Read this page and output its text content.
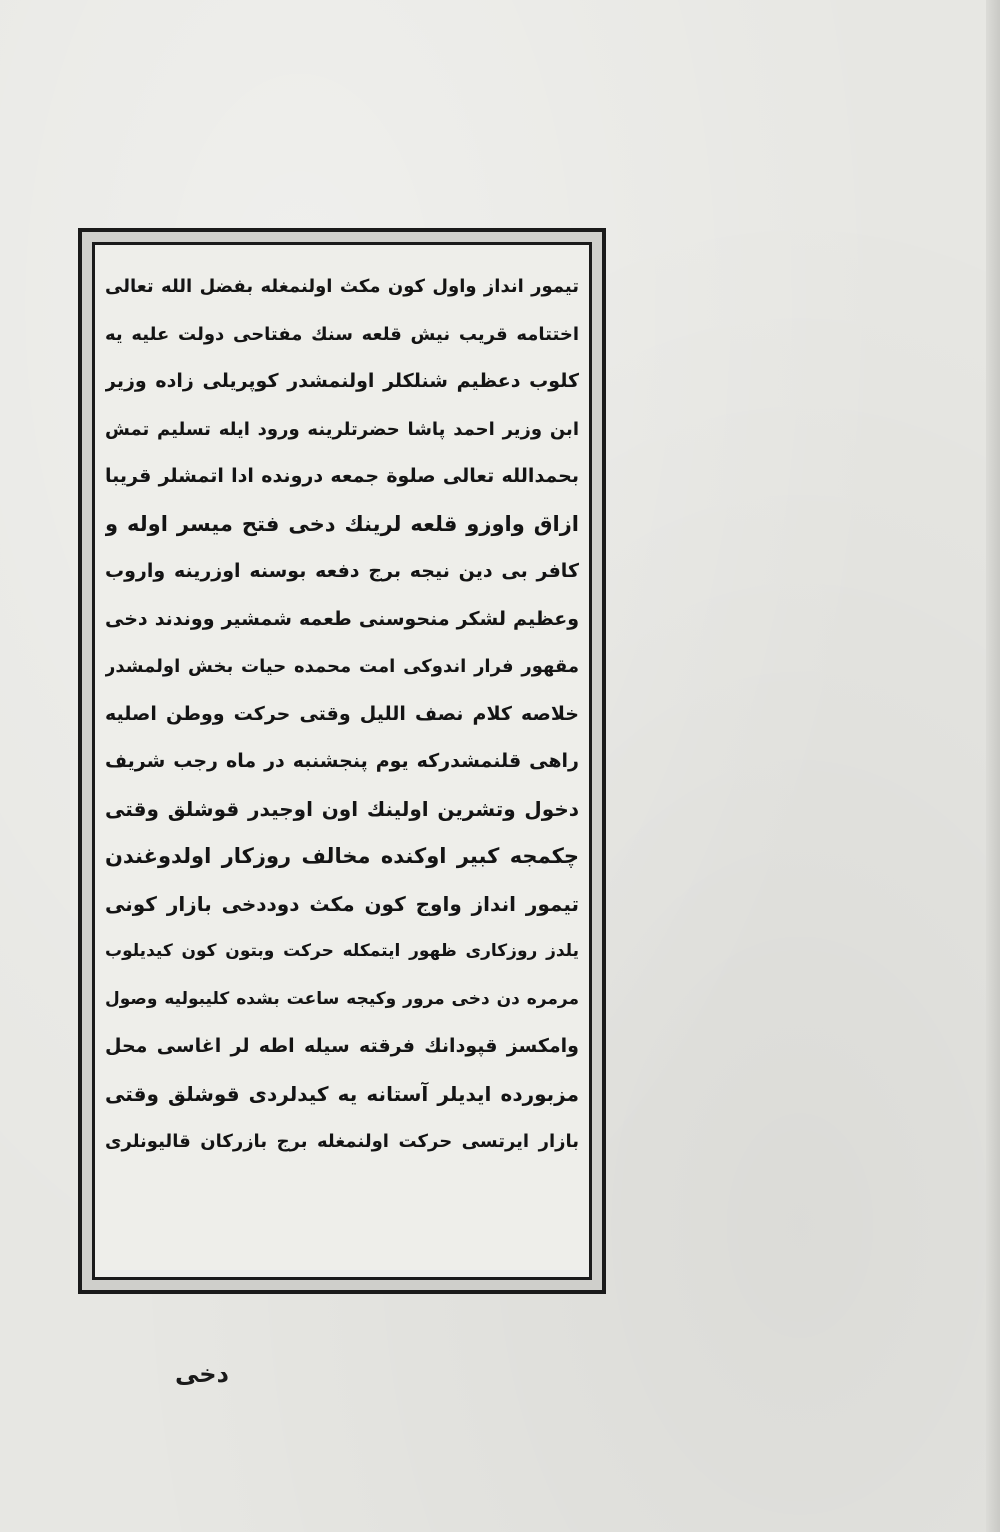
تیمور انداز واول کون مکث اولنمغله بفضل الله تعالی
اختتامه قریب نیش قلعه سنك مفتاحی دولت علیه یه
کلوب دعظیم شنلکلر اولنمشدر کوپریلی زاده وزیر
ابن وزیر احمد پاشا حضرتلرینه ورود ایله تسلیم تمش
بحمدالله تعالی صلوة جمعه درونده ادا اتمشلر قریبا
ازاق واوزو قلعه لرینك دخی فتح میسر اوله و
کافر بی دین نیجه برج دفعه بوسنه اوزرینه واروب
وعظیم لشکر منحوسنی طعمه شمشیر ووندند دخی
مقهور فرار اندوکی امت محمده حیات بخش اولمشدر
خلاصه کلام نصف اللیل وقتی حرکت ووطن اصلیه
راهی قلنمشدرکه یوم پنجشنبه در ماه رجب شریف
دخول وتشرین اولینك اون اوجیدر قوشلق وقتی
چکمجه کبیر اوکنده مخالف روزکار اولدوغندن
تیمور انداز واوج کون مکث دوددخی بازار کونی
یلدز روزکاری ظهور ایتمکله حرکت وبتون کون کیدیلوب
مرمره دن دخی مرور وکیجه ساعت بشده کلیبولیه وصول
وامکسز قپودانك فرقته سیله اطه لر اغاسی محل
مزبورده ایدیلر آستانه یه کیدلردی قوشلق وقتی
بازار ایرتسی حرکت اولنمغله برج بازرکان قالیونلری
دخی
